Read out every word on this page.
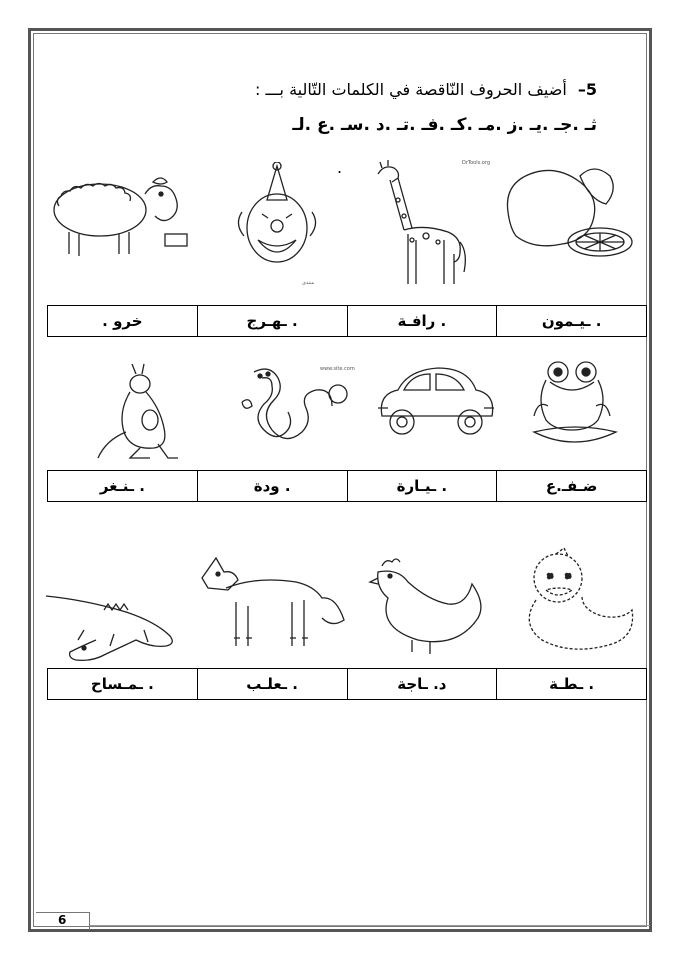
5– أضيف الحروف النّاقصة في الكلمات التّالية بـــ :
ثـ .جـ .يـ .ز .مـ .كـ .فـ .تـ .د .سـ .ع .لـ
.
منتدى
DrTools.org
خرو .	. ـهـرج	. رافـة	. ـيـمون
www.site.com
. ـنـغر	. ودة	. ـيـارة	ضـفـ.ع
. ـمـساح	. ـعلـب	د. ـاجة	. ـطـة
6
